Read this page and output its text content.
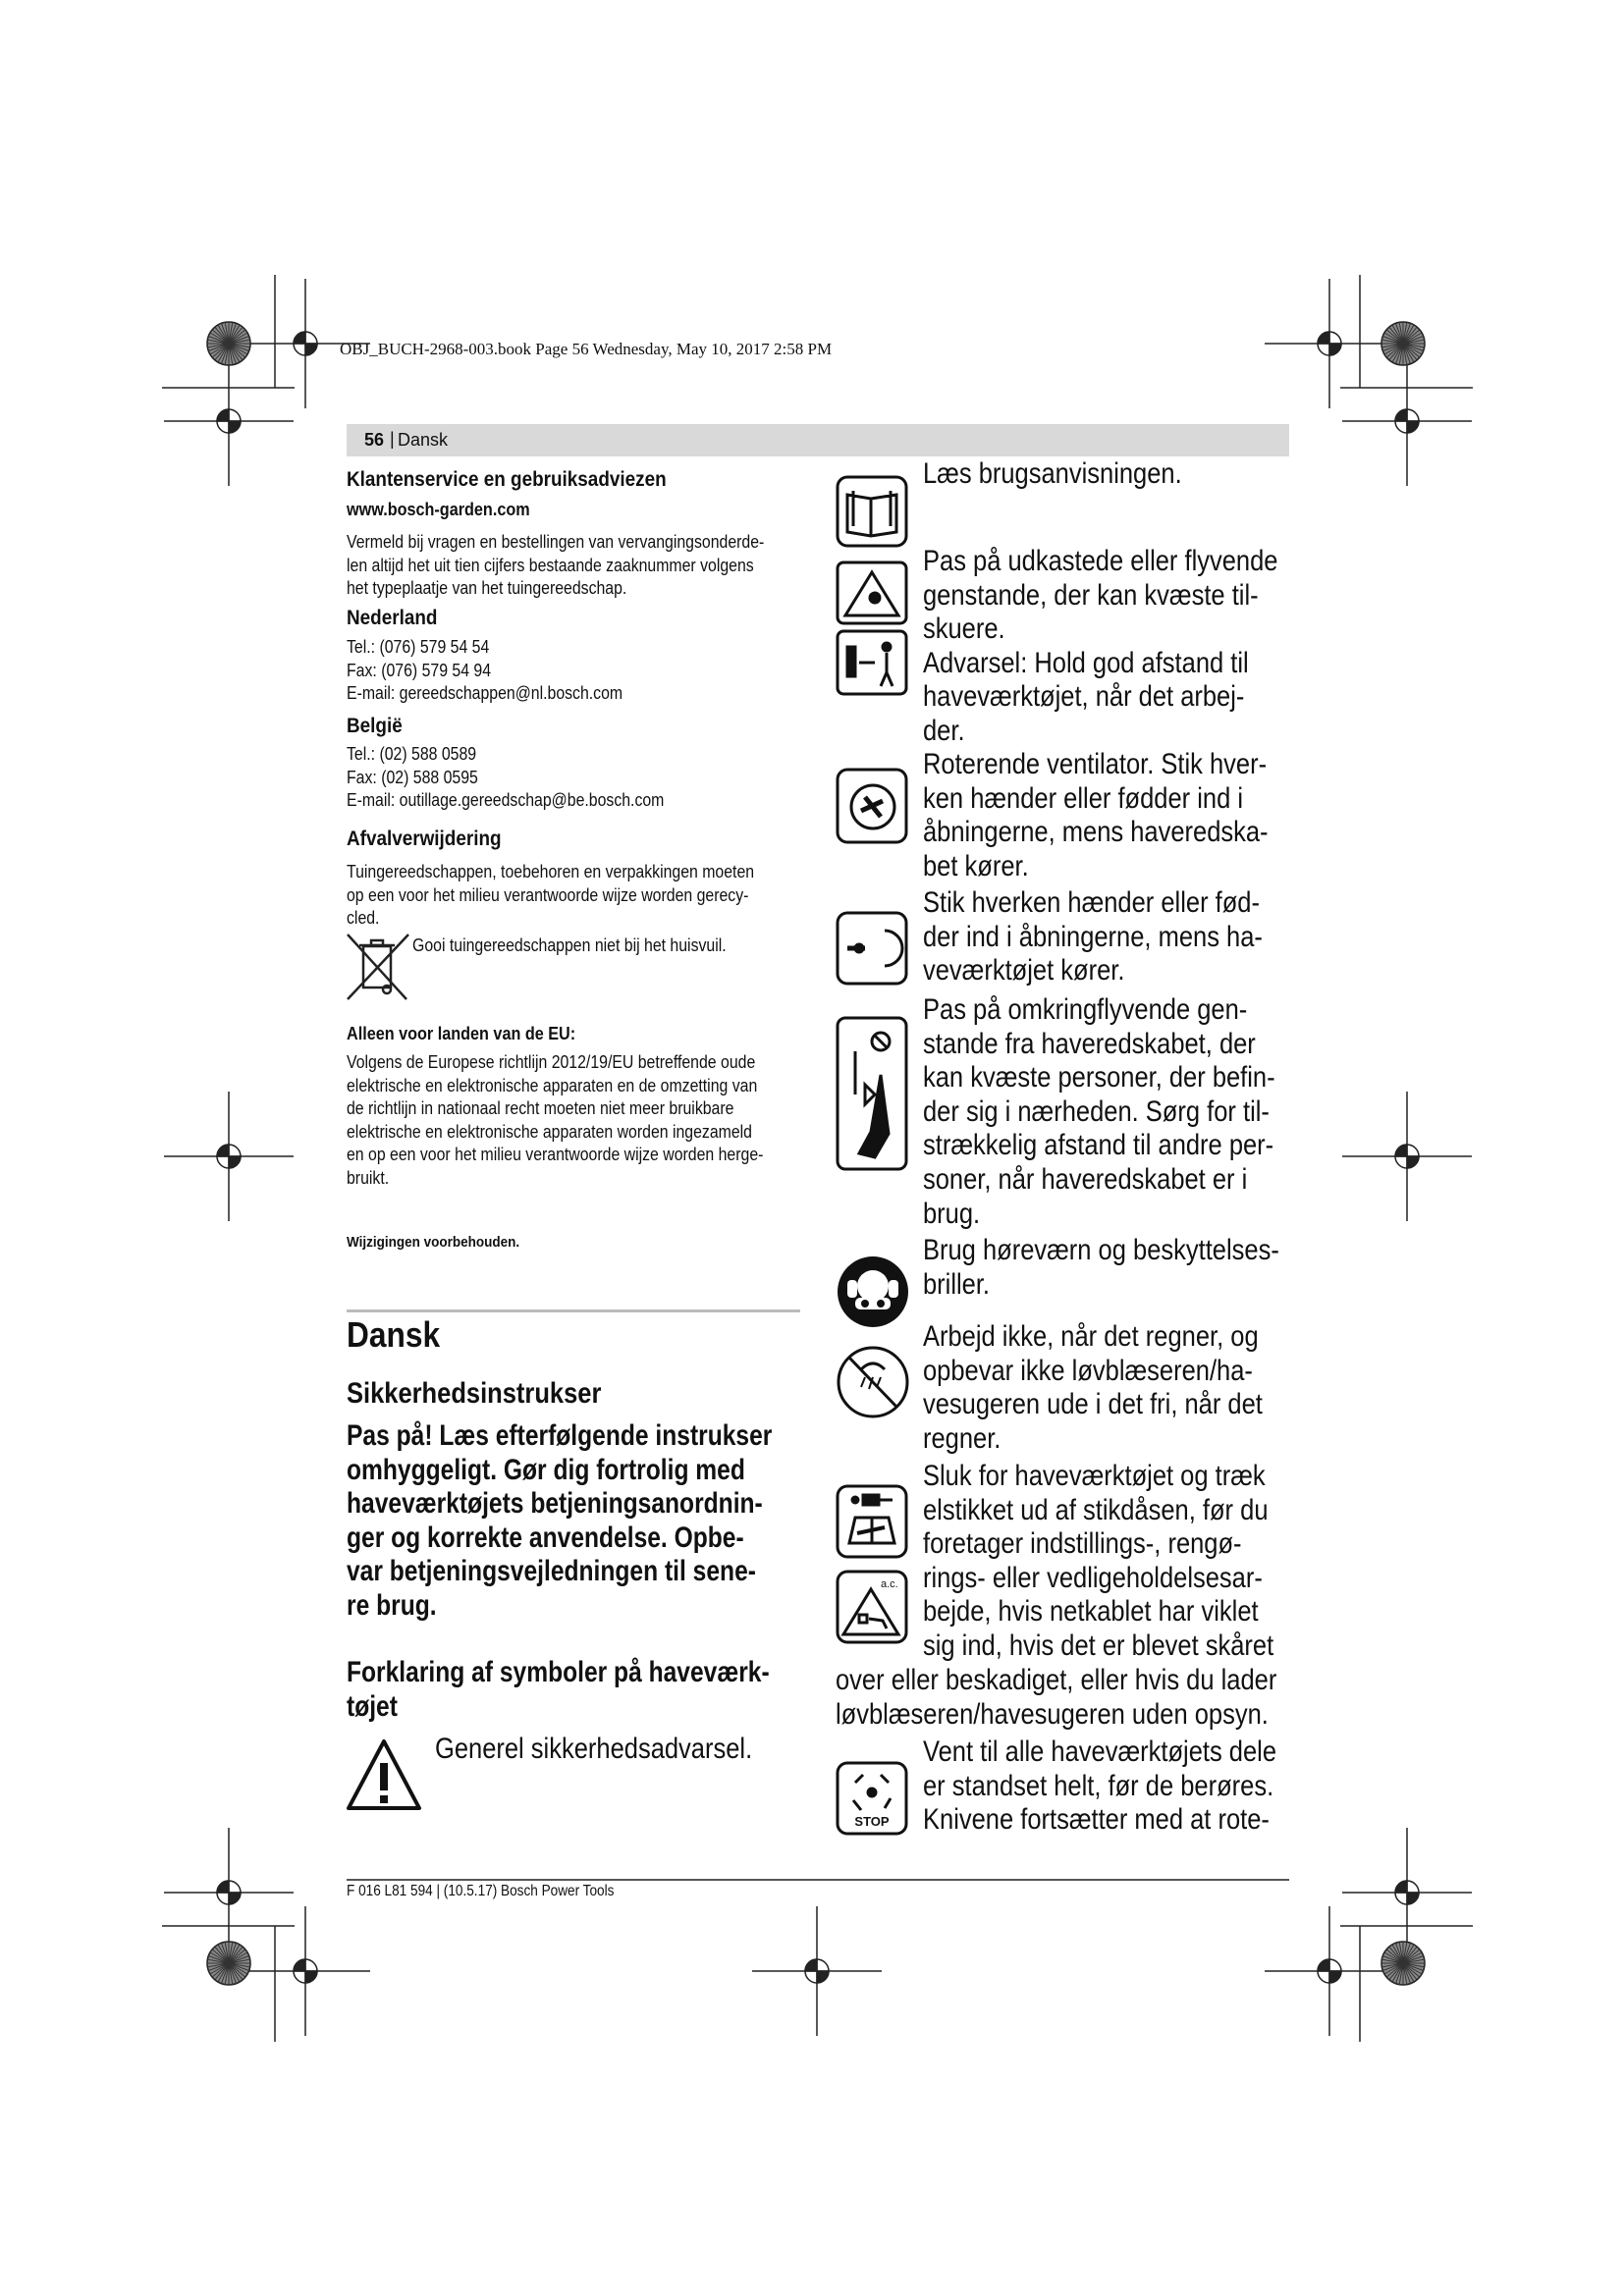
OBJ_BUCH-2968-003.book Page 56 Wednesday, May 10, 2017 2:58 PM
56 | Dansk
Klantenservice en gebruiksadviezen
www.bosch-garden.com
Vermeld bij vragen en bestellingen van vervangingsonderde-
len altijd het uit tien cijfers bestaande zaaknummer volgens
het typeplaatje van het tuingereedschap.
Nederland
Tel.: (076) 579 54 54
Fax: (076) 579 54 94
E-mail: gereedschappen@nl.bosch.com
België
Tel.: (02) 588 0589
Fax: (02) 588 0595
E-mail: outillage.gereedschap@be.bosch.com
Afvalverwijdering
Tuingereedschappen, toebehoren en verpakkingen moeten
op een voor het milieu verantwoorde wijze worden gerecy-
cled.
Gooi tuingereedschappen niet bij het huisvuil.
Alleen voor landen van de EU:
Volgens de Europese richtlijn 2012/19/EU betreffende oude
elektrische en elektronische apparaten en de omzetting van
de richtlijn in nationaal recht moeten niet meer bruikbare
elektrische en elektronische apparaten worden ingezameld
en op een voor het milieu verantwoorde wijze worden herge-
bruikt.
Wijzigingen voorbehouden.
Dansk
Sikkerhedsinstrukser
Pas på! Læs efterfølgende instrukser
omhyggeligt. Gør dig fortrolig med
haveværktøjets betjeningsanordnin-
ger og korrekte anvendelse. Opbe-
var betjeningsvejledningen til sene-
re brug.
Forklaring af symboler på haveværk-
tøjet
Generel sikkerhedsadvarsel.
Læs brugsanvisningen.
Pas på udkastede eller flyvende
genstande, der kan kvæste til-
skuere.
Advarsel: Hold god afstand til
haveværktøjet, når det arbej-
der.
Roterende ventilator. Stik hver-
ken hænder eller fødder ind i
åbningerne, mens haveredska-
bet kører.
Stik hverken hænder eller fød-
der ind i åbningerne, mens ha-
veværktøjet kører.
Pas på omkringflyvende gen-
stande fra haveredskabet, der
kan kvæste personer, der befin-
der sig i nærheden. Sørg for til-
strækkelig afstand til andre per-
soner, når haveredskabet er i
brug.
Brug høreværn og beskyttelses-
briller.
Arbejd ikke, når det regner, og
opbevar ikke løvblæseren/ha-
vesugeren ude i det fri, når det
regner.
a.c.
Sluk for haveværktøjet og træk
elstikket ud af stikdåsen, før du
foretager indstillings-, rengø-
rings- eller vedligeholdelsesar-
bejde, hvis netkablet har viklet
sig ind, hvis det er blevet skåret
over eller beskadiget, eller hvis du lader
løvblæseren/havesugeren uden opsyn.
STOP
Vent til alle haveværktøjets dele
er standset helt, før de berøres.
Knivene fortsætter med at rote-
F 016 L81 594 | (10.5.17) Bosch Power Tools
